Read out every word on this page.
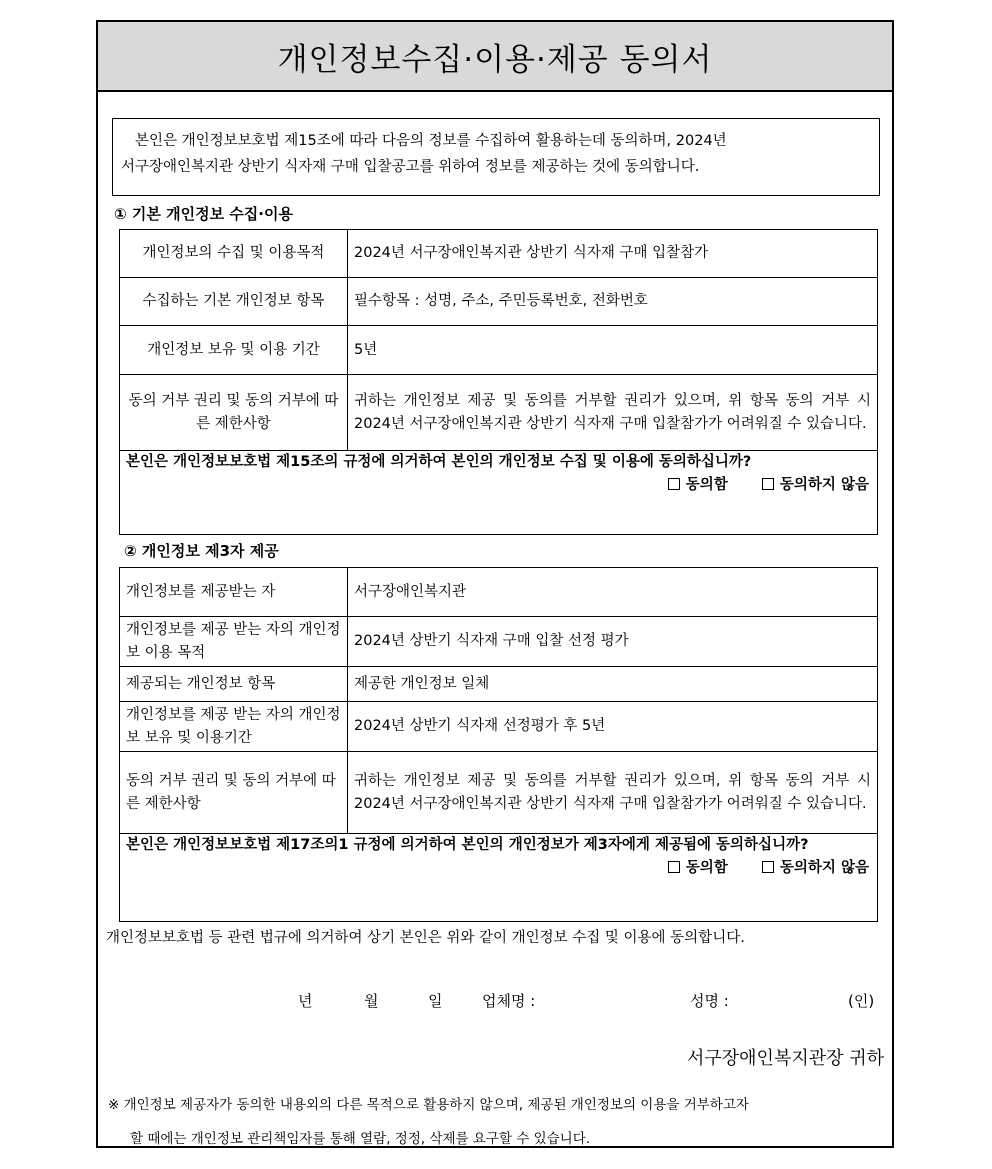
개인정보수집·이용·제공 동의서
본인은 개인정보보호법 제15조에 따라 다음의 정보를 수집하여 활용하는데 동의하며, 2024년
서구장애인복지관 상반기 식자재 구매 입찰공고를 위하여 정보를 제공하는 것에 동의합니다.
① 기본 개인정보 수집·이용
개인정보의 수집 및 이용목적	2024년 서구장애인복지관 상반기 식자재 구매 입찰참가
수집하는 기본 개인정보 항목	필수항목 : 성명, 주소, 주민등록번호, 전화번호
개인정보 보유 및 이용 기간	5년
동의 거부 권리 및 동의 거부에 따른 제한사항	귀하는 개인정보 제공 및 동의를 거부할 권리가 있으며, 위 항목 동의 거부 시 2024년 서구장애인복지관 상반기 식자재 구매 입찰참가가 어려워질 수 있습니다.

본인은 개인정보보호법 제15조의 규정에 의거하여 본인의 개인정보 수집 및 이용에 동의하십니까?
동의함 동의하지 않음	
② 개인정보 제3자 제공
개인정보를 제공받는 자	서구장애인복지관
개인정보를 제공 받는 자의 개인정보 이용 목적	2024년 상반기 식자재 구매 입찰 선정 평가
제공되는 개인정보 항목	제공한 개인정보 일체
개인정보를 제공 받는 자의 개인정보 보유 및 이용기간	2024년 상반기 식자재 선정평가 후 5년
동의 거부 권리 및 동의 거부에 따른 제한사항	귀하는 개인정보 제공 및 동의를 거부할 권리가 있으며, 위 항목 동의 거부 시 2024년 서구장애인복지관 상반기 식자재 구매 입찰참가가 어려워질 수 있습니다.

본인은 개인정보보호법 제17조의1 규정에 의거하여 본인의 개인정보가 제3자에게 제공됨에 동의하십니까?
동의함 동의하지 않음	
개인정보보호법 등 관련 법규에 의거하여 상기 본인은 위와 같이 개인정보 수집 및 이용에 동의합니다.
년	월	일	업체명 :	성명 :	(인)
서구장애인복지관장 귀하
※ 개인정보 제공자가 동의한 내용외의 다른 목적으로 활용하지 않으며, 제공된 개인정보의 이용을 거부하고자
할 때에는 개인정보 관리책임자를 통해 열람, 정정, 삭제를 요구할 수 있습니다.
